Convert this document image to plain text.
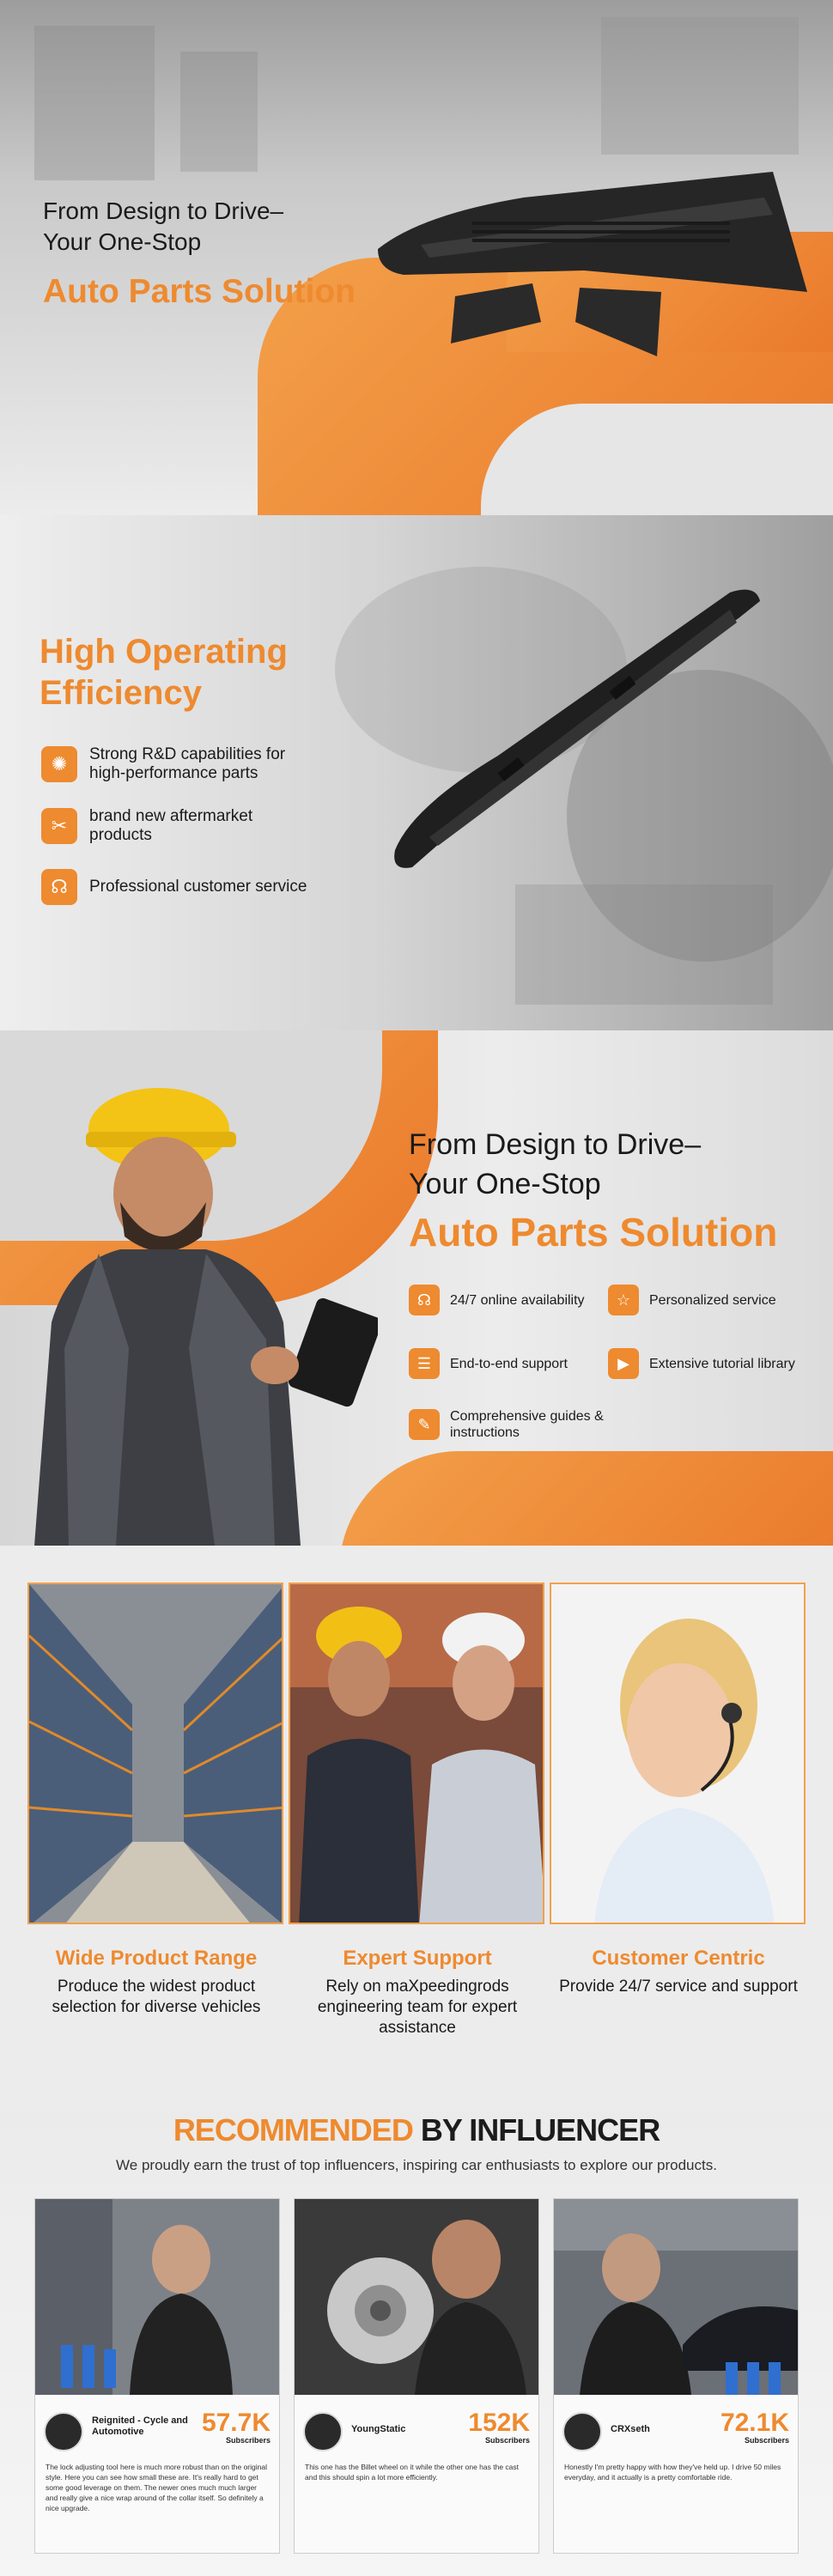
From Design to Drive–
Your One-Stop
Auto Parts Solution
High Operating
Efficiency
✺	Strong R&D capabilities for high-performance parts
✂	brand new aftermarket products
☊	Professional customer service
From Design to Drive–
Your One-Stop
Auto Parts Solution
☊	24/7 online availability	☆	Personalized service
☰	End-to-end support	▶	Extensive tutorial library
✎	Comprehensive guides & instructions
Wide Product Range
Produce the widest product selection for diverse vehicles
Expert Support
Rely on maXpeedingrods engineering team for expert assistance
Customer Centric
Provide 24/7 service and support
RECOMMENDED BY INFLUENCER
We proudly earn the trust of top influencers, inspiring car enthusiasts to explore our products.
Reignited - Cycle and Automotive	57.7K
Subscribers
The lock adjusting tool here is much more robust than on the original style. Here you can see how small these are. It's really hard to get some good leverage on them. The newer ones much much larger and really give a nice wrap around of the collar itself. So definitely a nice upgrade.
YoungStatic	152K
Subscribers
This one has the Billet wheel on it while the other one has the cast and this should spin a lot more efficiently.
CRXseth	72.1K
Subscribers
Honestly I'm pretty happy with how they've held up. I drive 50 miles everyday, and it actually is a pretty comfortable ride.
